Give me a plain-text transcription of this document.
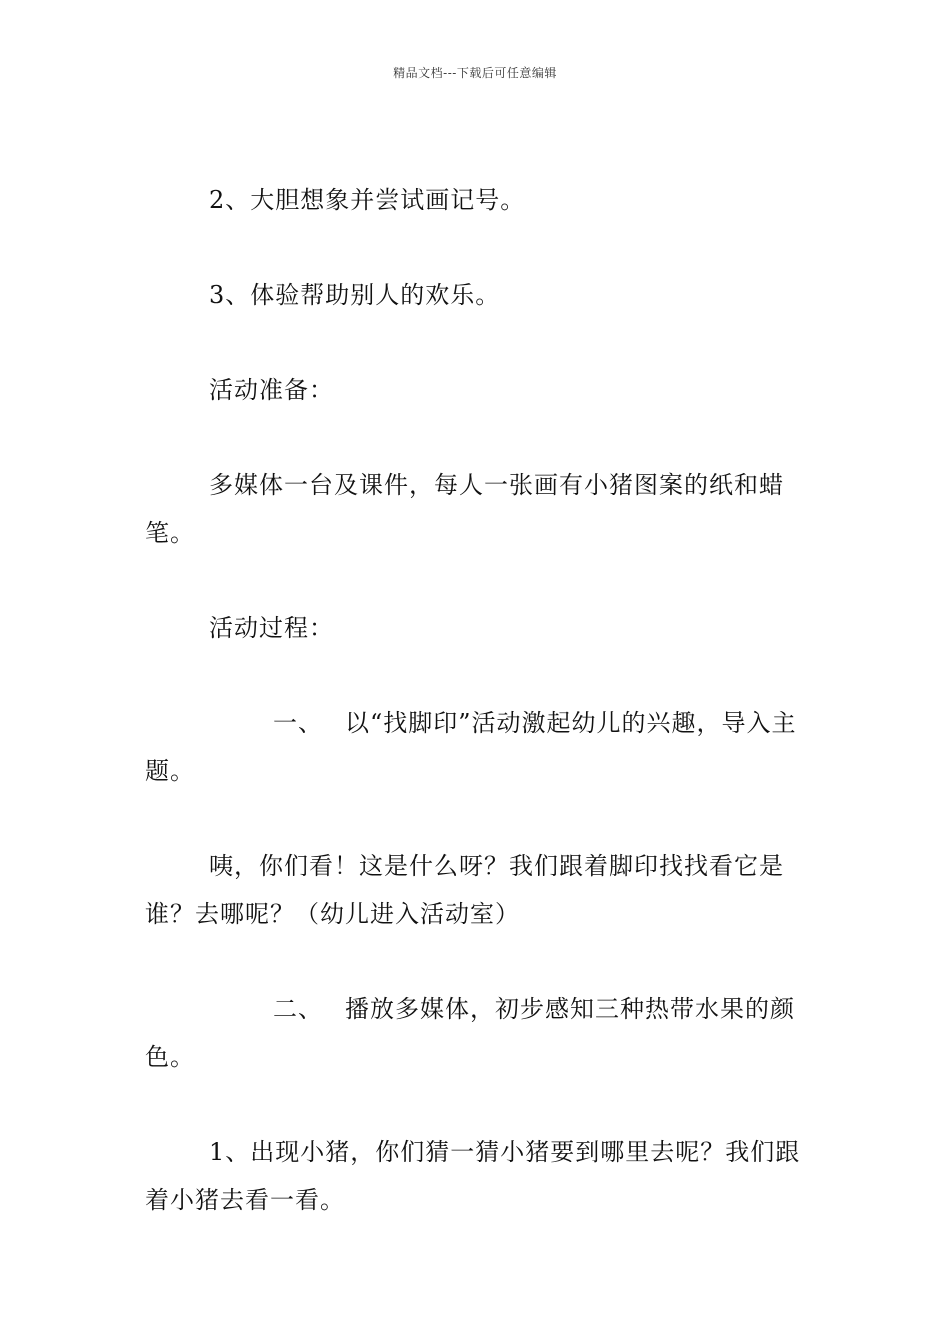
精品文档---下载后可任意编辑

2、大胆想象并尝试画记号。

3、体验帮助别人的欢乐。

活动准备：

多媒体一台及课件，每人一张画有小猪图案的纸和蜡笔。

活动过程：

一、 以“找脚印”活动激起幼儿的兴趣，导入主题。

咦，你们看！这是什么呀？我们跟着脚印找找看它是谁？去哪呢？（幼儿进入活动室）

二、 播放多媒体，初步感知三种热带水果的颜色。

1、出现小猪，你们猜一猜小猪要到哪里去呢？我们跟着小猪去看一看。
